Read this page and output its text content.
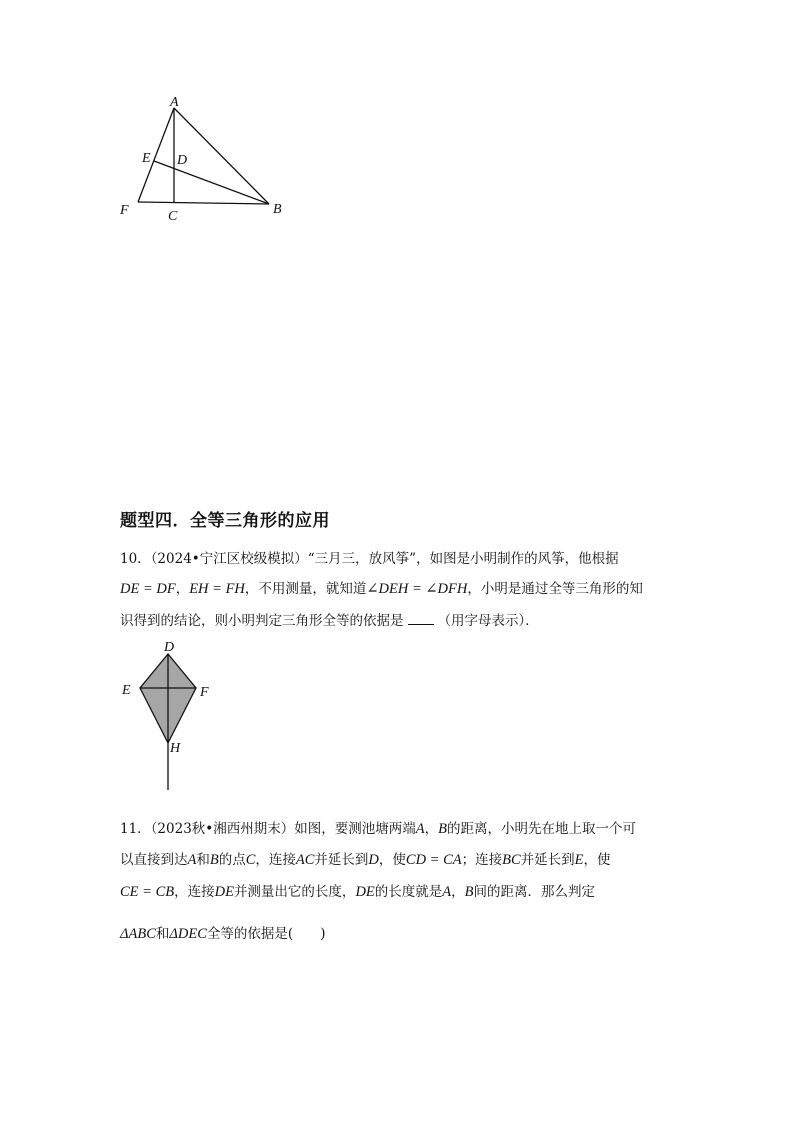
A
B
C
D
E
F
题型四．全等三角形的应用
10．（2024•宁江区校级模拟）“三月三，放风筝”，如图是小明制作的风筝，他根据
DE = DF，EH = FH，不用测量，就知道∠DEH = ∠DFH，小明是通过全等三角形的知
识得到的结论，则小明判定三角形全等的依据是	（用字母表示）．
D
E	F
H
11．（2023秋•湘西州期末）如图，要测池塘两端A，B的距离，小明先在地上取一个可
以直接到达A和B的点C，连接AC并延长到D，使CD = CA；连接BC并延长到E，使
CE = CB，连接DE并测量出它的长度，DE的长度就是A，B间的距离．那么判定
ΔABC和ΔDEC全等的依据是(　　)
